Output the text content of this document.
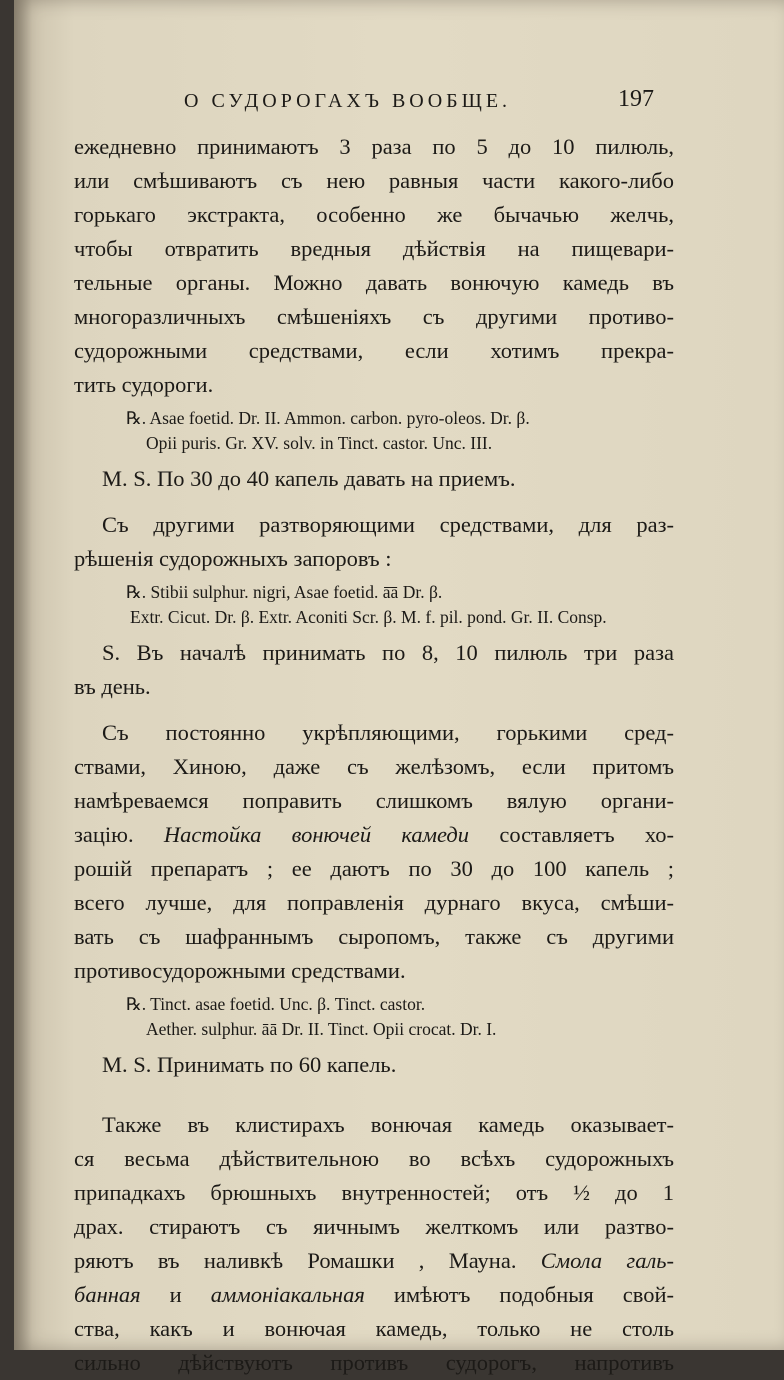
О СУДОРОГАХЪ ВООБЩЕ.	197
ежедневно принимаютъ 3 раза по 5 до 10 пилюль,
или смѣшиваютъ съ нею равныя части какого-либо
горькаго экстракта, особенно же бычачью желчь,
чтобы отвратить вредныя дѣйствія на пищевари-
тельные органы. Можно давать вонючую камедь въ
многоразличныхъ смѣшеніяхъ съ другими противо-
судорожными средствами, если хотимъ прекра-
тить судороги.
℞. Asae foetid. Dr. II. Ammon. carbon. pyro-oleos. Dr. β.
Opii puris. Gr. XV. solv. in Tinct. castor. Unc. III.
M. S. По 30 до 40 капель давать на приемъ.
Съ другими разтворяющими средствами, для раз-
рѣшенія судорожныхъ запоровъ :
℞. Stibii sulphur. nigri, Asae foetid. ā̄ā Dr. β.
Extr. Cicut. Dr. β. Extr. Aconiti Scr. β. M. f. pil. pond. Gr. II. Consp.
S. Въ началѣ принимать по 8, 10 пилюль три раза
въ день.
Съ постоянно укрѣпляющими, горькими сред-
ствами, Хиною, даже съ желѣзомъ, если притомъ
намѣреваемся поправить слишкомъ вялую органи-
зацію. Настойка вонючей камеди составляетъ хо-
рошій препаратъ ; ее даютъ по 30 до 100 капель ;
всего лучше, для поправленія дурнаго вкуса, смѣши-
вать съ шафраннымъ сыропомъ, также съ другими
противосудорожными средствами.
℞. Tinct. asae foetid. Unc. β. Tinct. castor.
Aether. sulphur. āā Dr. II. Tinct. Opii crocat. Dr. I.
M. S. Принимать по 60 капель.
Также въ клистирахъ вонючая камедь оказывает-
ся весьма дѣйствительною во всѣхъ судорожныхъ
припадкахъ брюшныхъ внутренностей; отъ ½ до 1
драх. стираютъ съ яичнымъ желткомъ или разтво-
ряютъ въ наливкѣ Ромашки , Мауна. Смола галь-
банная и аммоніакальная имѣютъ подобныя свой-
ства, какъ и вонючая камедь, только не столь
сильно дѣйствуютъ противъ судорогъ, напротивъ
